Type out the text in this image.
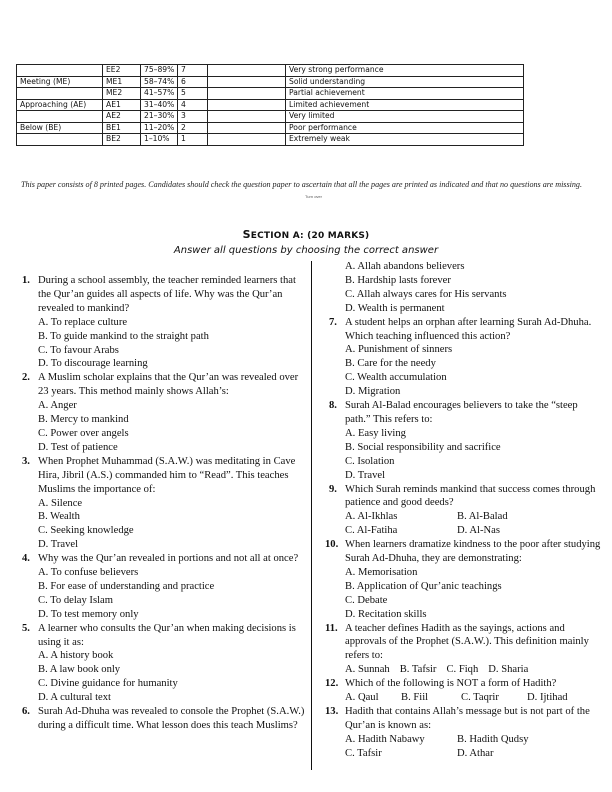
	EE2	75–89%	7		Very strong performance
Meeting (ME)	ME1	58–74%	6		Solid understanding
	ME2	41–57%	5		Partial achievement
Approaching (AE)	AE1	31–40%	4		Limited achievement
	AE2	21–30%	3		Very limited
Below (BE)	BE1	11–20%	2		Poor performance
	BE2	1–10%	1		Extremely weak
This paper consists of 8 printed pages. Candidates should check the question paper to ascertain that all the pages are printed as indicated and that no questions are missing.
Turn over
SECTION A: (20 MARKS)
Answer all questions by choosing the correct answer
1. During a school assembly, the teacher reminded learners that the Qur’an guides all aspects of life. Why was the Qur’an revealed to mankind?
A. To replace culture
B. To guide mankind to the straight path
C. To favour Arabs
D. To discourage learning
2. A Muslim scholar explains that the Qur’an was revealed over 23 years. This method mainly shows Allah’s:
A. Anger
B. Mercy to mankind
C. Power over angels
D. Test of patience
3. When Prophet Muhammad (S.A.W.) was meditating in Cave Hira, Jibril (A.S.) commanded him to “Read”. This teaches Muslims the importance of:
A. Silence
B. Wealth
C. Seeking knowledge
D. Travel
4. Why was the Qur’an revealed in portions and not all at once?
A. To confuse believers
B. For ease of understanding and practice
C. To delay Islam
D. To test memory only
5. A learner who consults the Qur’an when making decisions is using it as:
A. A history book
B. A law book only
C. Divine guidance for humanity
D. A cultural text
6. Surah Ad-Dhuha was revealed to console the Prophet (S.A.W.) during a difficult time. What lesson does this teach Muslims?
A. Allah abandons believers
B. Hardship lasts forever
C. Allah always cares for His servants
D. Wealth is permanent
7. A student helps an orphan after learning Surah Ad-Dhuha. Which teaching influenced this action?
A. Punishment of sinners
B. Care for the needy
C. Wealth accumulation
D. Migration
8. Surah Al-Balad encourages believers to take the “steep path.” This refers to:
A. Easy living
B. Social responsibility and sacrifice
C. Isolation
D. Travel
9. Which Surah reminds mankind that success comes through patience and good deeds?
A. Al-Ikhlas	B. Al-Balad
C. Al-Fatiha	D. Al-Nas
10. When learners dramatize kindness to the poor after studying Surah Ad-Dhuha, they are demonstrating:
A. Memorisation
B. Application of Qur’anic teachings
C. Debate
D. Recitation skills
11. A teacher defines Hadith as the sayings, actions and approvals of the Prophet (S.A.W.). This definition mainly refers to:
A. Sunnah B. Tafsir C. Fiqh D. Sharia
12. Which of the following is NOT a form of Hadith?
A. Qaul	B. Fiil	C. Taqrir	D. Ijtihad
13. Hadith that contains Allah’s message but is not part of the Qur’an is known as:
A. Hadith Nabawy	B. Hadith Qudsy
C. Tafsir	D. Athar
